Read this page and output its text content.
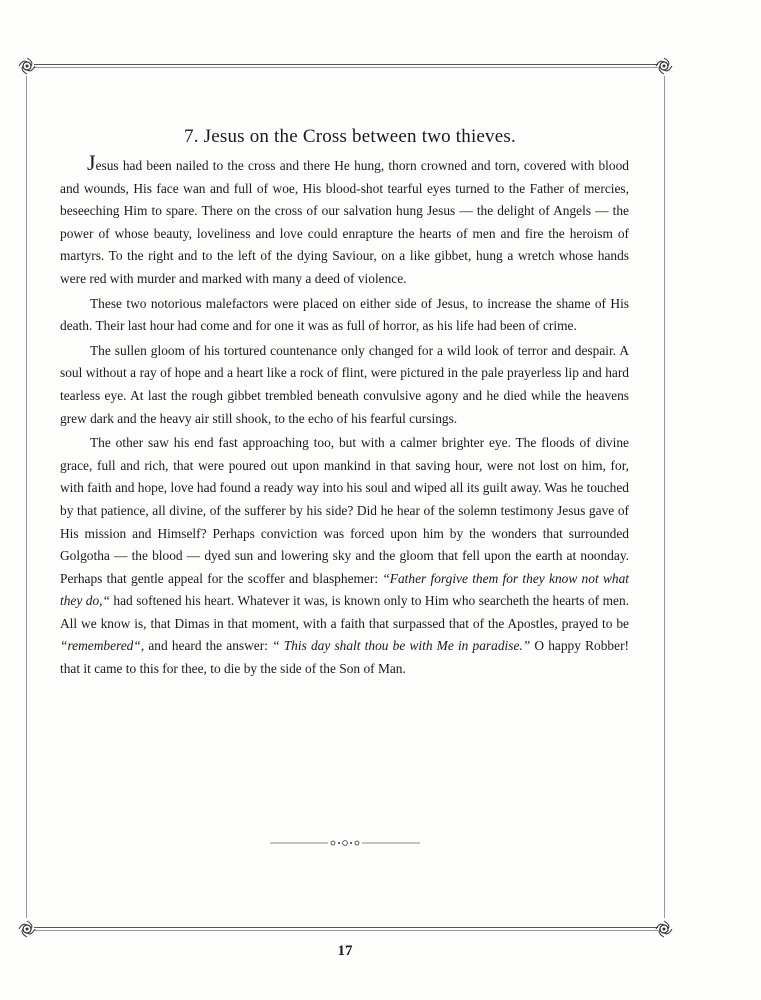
7. Jesus on the Cross between two thieves.

Jesus had been nailed to the cross and there He hung, thorn crowned and torn, covered with blood and wounds, His face wan and full of woe, His blood-shot tearful eyes turned to the Father of mercies, beseeching Him to spare. There on the cross of our salvation hung Jesus — the delight of Angels — the power of whose beauty, loveliness and love could enrapture the hearts of men and fire the heroism of martyrs. To the right and to the left of the dying Saviour, on a like gibbet, hung a wretch whose hands were red with murder and marked with many a deed of violence.

These two notorious malefactors were placed on either side of Jesus, to increase the shame of His death. Their last hour had come and for one it was as full of horror, as his life had been of crime.

The sullen gloom of his tortured countenance only changed for a wild look of terror and despair. A soul without a ray of hope and a heart like a rock of flint, were pictured in the pale prayerless lip and hard tearless eye. At last the rough gibbet trembled beneath convulsive agony and he died while the heavens grew dark and the heavy air still shook, to the echo of his fearful cursings.

The other saw his end fast approaching too, but with a calmer brighter eye. The floods of divine grace, full and rich, that were poured out upon mankind in that saving hour, were not lost on him, for, with faith and hope, love had found a ready way into his soul and wiped all its guilt away. Was he touched by that patience, all divine, of the sufferer by his side? Did he hear of the solemn testimony Jesus gave of His mission and Himself? Perhaps conviction was forced upon him by the wonders that surrounded Golgotha — the blood — dyed sun and lowering sky and the gloom that fell upon the earth at noonday. Perhaps that gentle appeal for the scoffer and blasphemer: “Father forgive them for they know not what they do,“ had softened his heart. Whatever it was, is known only to Him who searcheth the hearts of men. All we know is, that Dimas in that moment, with a faith that surpassed that of the Apostles, prayed to be “remembered“, and heard the answer: “ This day shalt thou be with Me in paradise.” O happy Robber! that it came to this for thee, to die by the side of the Son of Man.

17
